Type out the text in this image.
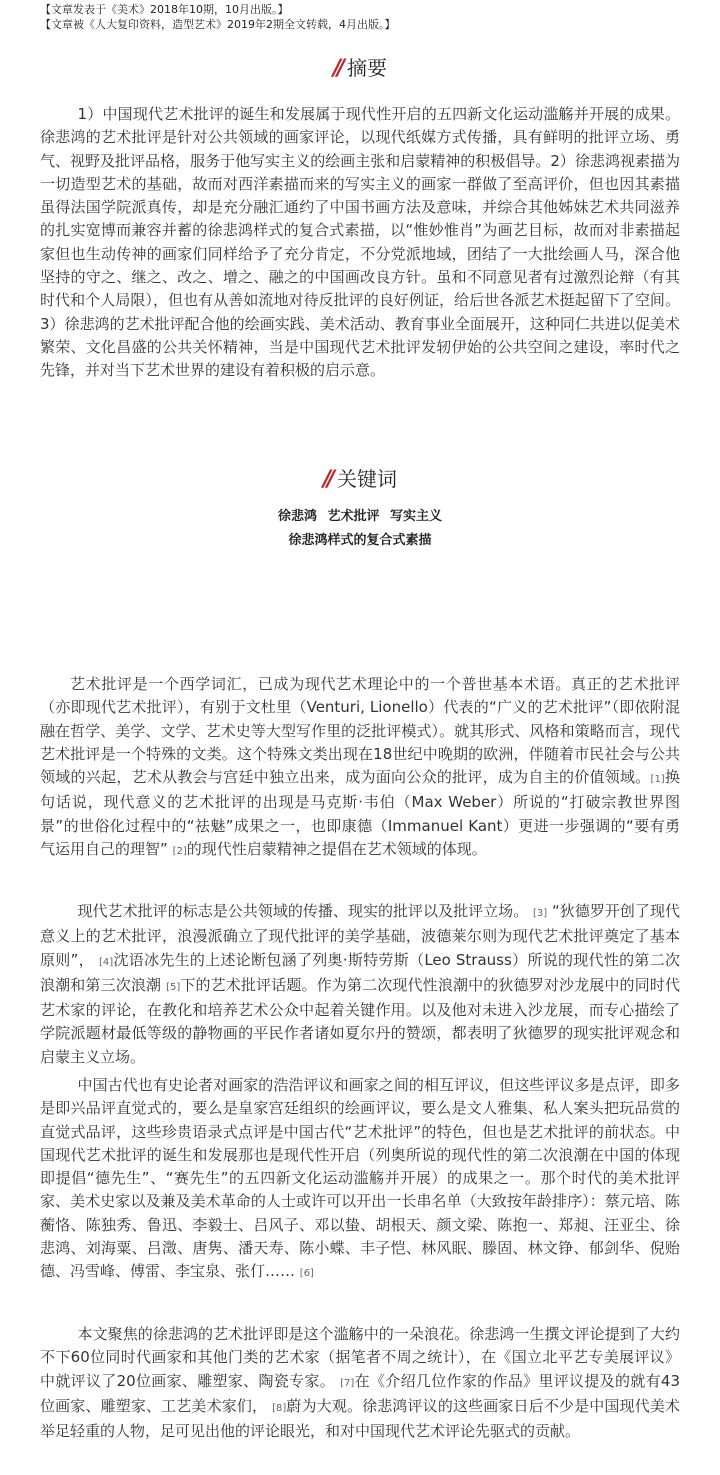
【文章发表于《美术》2018年10期，10月出版。】
【文章被《人大复印资料，造型艺术》2019年2期全文转载，4月出版。】
// 摘要

1）中国现代艺术批评的诞生和发展属于现代性开启的五四新文化运动滥觞并开展的成果。徐悲鸿的艺术批评是针对公共领域的画家评论，以现代纸媒方式传播，具有鲜明的批评立场、勇气、视野及批评品格，服务于他写实主义的绘画主张和启蒙精神的积极倡导。2）徐悲鸿视素描为一切造型艺术的基础，故而对西洋素描而来的写实主义的画家一群做了至高评价，但也因其素描虽得法国学院派真传，却是充分融汇通约了中国书画方法及意味，并综合其他姊妹艺术共同滋养的扎实宽博而兼容并蓄的徐悲鸿样式的复合式素描，以“惟妙惟肖”为画艺目标，故而对非素描起家但也生动传神的画家们同样给予了充分肯定，不分党派地域，团结了一大批绘画人马，深合他坚持的守之、继之、改之、增之、融之的中国画改良方针。虽和不同意见者有过激烈论辩（有其时代和个人局限），但也有从善如流地对待反批评的良好例证，给后世各派艺术挺起留下了空间。3）徐悲鸿的艺术批评配合他的绘画实践、美术活动、教育事业全面展开，这种同仁共进以促美术繁荣、文化昌盛的公共关怀精神，当是中国现代艺术批评发轫伊始的公共空间之建设，率时代之先锋，并对当下艺术世界的建设有着积极的启示意。

// 关键词
徐悲鸿 艺术批评 写实主义
徐悲鸿样式的复合式素描

艺术批评是一个西学词汇，已成为现代艺术理论中的一个普世基本术语。真正的艺术批评（亦即现代艺术批评），有别于文杜里（Venturi, Lionello）代表的“广义的艺术批评”（即依附混融在哲学、美学、文学、艺术史等大型写作里的泛批评模式）。就其形式、风格和策略而言，现代艺术批评是一个特殊的文类。这个特殊文类出现在18世纪中晚期的欧洲，伴随着市民社会与公共领域的兴起，艺术从教会与宫廷中独立出来，成为面向公众的批评，成为自主的价值领域。[1]换句话说，现代意义的艺术批评的出现是马克斯·韦伯（Max Weber）所说的“打破宗教世界图景”的世俗化过程中的“祛魅”成果之一，也即康德（Immanuel Kant）更进一步强调的“要有勇气运用自己的理智” [2]的现代性启蒙精神之提倡在艺术领域的体现。

现代艺术批评的标志是公共领域的传播、现实的批评以及批评立场。 [3] “狄德罗开创了现代意义上的艺术批评，浪漫派确立了现代批评的美学基础，波德莱尔则为现代艺术批评奠定了基本原则”， [4]沈语冰先生的上述论断包涵了列奥·斯特劳斯（Leo Strauss）所说的现代性的第二次浪潮和第三次浪潮 [5]下的艺术批评话题。作为第二次现代性浪潮中的狄德罗对沙龙展中的同时代艺术家的评论，在教化和培养艺术公众中起着关键作用。以及他对未进入沙龙展，而专心描绘了学院派题材最低等级的静物画的平民作者诸如夏尔丹的赞颂，都表明了狄德罗的现实批评观念和启蒙主义立场。

中国古代也有史论者对画家的浩浩评议和画家之间的相互评议，但这些评议多是点评，即多是即兴品评直觉式的，要么是皇家宫廷组织的绘画评议，要么是文人雅集、私人案头把玩品赏的直觉式品评，这些珍贵语录式点评是中国古代“艺术批评”的特色，但也是艺术批评的前状态。中国现代艺术批评的诞生和发展那也是现代性开启（列奥所说的现代性的第二次浪潮在中国的体现即提倡“德先生”、“赛先生”的五四新文化运动滥觞并开展）的成果之一。那个时代的美术批评家、美术史家以及兼及美术革命的人士或许可以开出一长串名单（大致按年龄排序）：蔡元培、陈蘅恪、陈独秀、鲁迅、李毅士、吕风子、邓以蛰、胡根天、颜文梁、陈抱一、郑昶、汪亚尘、徐悲鸿、刘海粟、吕澂、唐隽、潘天寿、陈小蝶、丰子恺、林风眠、滕固、林文铮、郁剑华、倪贻德、冯雪峰、傅雷、李宝泉、张仃…… [6]

本文聚焦的徐悲鸿的艺术批评即是这个滥觞中的一朵浪花。徐悲鸿一生撰文评论提到了大约不下60位同时代画家和其他门类的艺术家（据笔者不周之统计），在《国立北平艺专美展评议》中就评议了20位画家、雕塑家、陶瓷专家。 [7]在《介绍几位作家的作品》里评议提及的就有43位画家、雕塑家、工艺美术家们， [8]蔚为大观。徐悲鸿评议的这些画家日后不少是中国现代美术举足轻重的人物，足可见出他的评论眼光，和对中国现代艺术评论先驱式的贡献。
